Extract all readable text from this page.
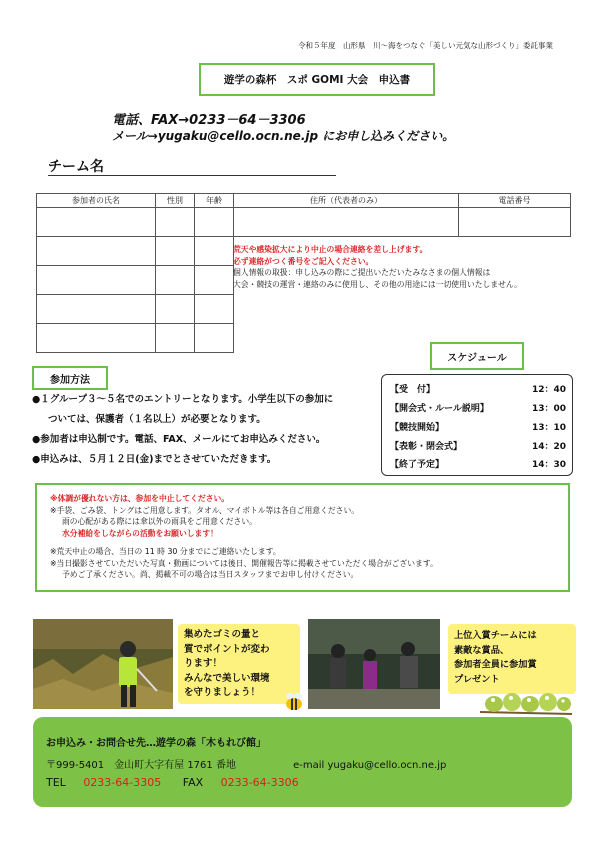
令和５年度　山形県　川～海をつなぐ「美しい元気な山形づくり」委託事業
遊学の森杯　スポ GOMI 大会　申込書
電話、FAX→0233－64－3306
メール→yugaku@cello.ocn.ne.jp にお申し込みください。
チーム名
参加者の氏名	性別	年齢	住所（代表者のみ）	電話番号

荒天や感染拡大により中止の場合連絡を差し上げます。
必ず連絡がつく番号をご記入ください。
個人情報の取扱：申し込みの際にご提出いただいたみなさまの個人情報は
大会・競技の運営・連絡のみに使用し、その他の用途には一切使用いたしません。
スケジュール
【受　付】	12：40
【開会式・ルール説明】	13：00
【競技開始】	13：10
【表彰・閉会式】	14：20
【終了予定】	14：30
参加方法
●１グループ３～５名でのエントリーとなります。小学生以下の参加に
ついては、保護者（１名以上）が必要となります。
●参加者は申込制です。電話、FAX、メールにてお申込みください。
●申込みは、５月１２日(金)までとさせていただきます。
※体調が優れない方は、参加を中止してください。
※手袋、ごみ袋、トングはご用意します。タオル、マイボトル等は各自ご用意ください。
雨の心配がある際には傘以外の雨具をご用意ください。
水分補給をしながらの活動をお願いします！
※荒天中止の場合、当日の 11 時 30 分までにご連絡いたします。
※当日撮影させていただいた写真・動画については後日、開催報告等に掲載させていただく場合がございます。
予めご了承ください。尚、掲載不可の場合は当日スタッフまでお申し付けください。
集めたゴミの量と
質でポイントが変わ
ります！
みんなで美しい環境
を守りましょう！
上位入賞チームには
素敵な賞品、
参加者全員に参加賞
プレゼント
お申込み・お問合せ先…遊学の森「木もれび館」
〒999-5401　金山町大字有屋 1761 番地	e-mail yugaku@cello.ocn.ne.jp
TEL 0233-64-3305 FAX 0233-64-3306
